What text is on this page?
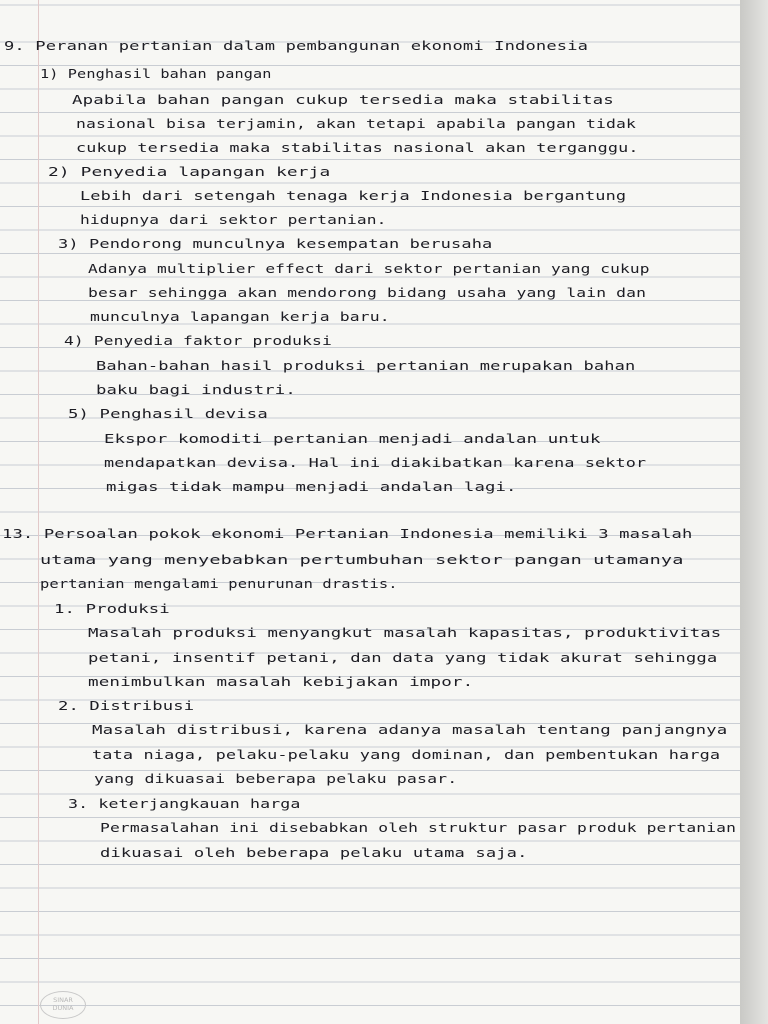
9. Peranan pertanian dalam pembangunan ekonomi Indonesia
1) Penghasil bahan pangan
Apabila bahan pangan cukup tersedia maka stabilitas
nasional bisa terjamin, akan tetapi apabila pangan tidak
cukup tersedia maka stabilitas nasional akan terganggu.
2) Penyedia lapangan kerja
Lebih dari setengah tenaga kerja Indonesia bergantung
hidupnya dari sektor pertanian.
3) Pendorong munculnya kesempatan berusaha
Adanya multiplier effect dari sektor pertanian yang cukup
besar sehingga akan mendorong bidang usaha yang lain dan
munculnya lapangan kerja baru.
4) Penyedia faktor produksi
Bahan-bahan hasil produksi pertanian merupakan bahan
baku bagi industri.
5) Penghasil devisa
Ekspor komoditi pertanian menjadi andalan untuk
mendapatkan devisa. Hal ini diakibatkan karena sektor
migas tidak mampu menjadi andalan lagi.
13. Persoalan pokok ekonomi Pertanian Indonesia memiliki 3 masalah
utama yang menyebabkan pertumbuhan sektor pangan utamanya
pertanian mengalami penurunan drastis.
1. Produksi
Masalah produksi menyangkut masalah kapasitas, produktivitas
petani, insentif petani, dan data yang tidak akurat sehingga
menimbulkan masalah kebijakan impor.
2. Distribusi
Masalah distribusi, karena adanya masalah tentang panjangnya
tata niaga, pelaku-pelaku yang dominan, dan pembentukan harga
yang dikuasai beberapa pelaku pasar.
3. keterjangkauan harga
Permasalahan ini disebabkan oleh struktur pasar produk pertanian
dikuasai oleh beberapa pelaku utama saja.
SINAR
DUNIA
